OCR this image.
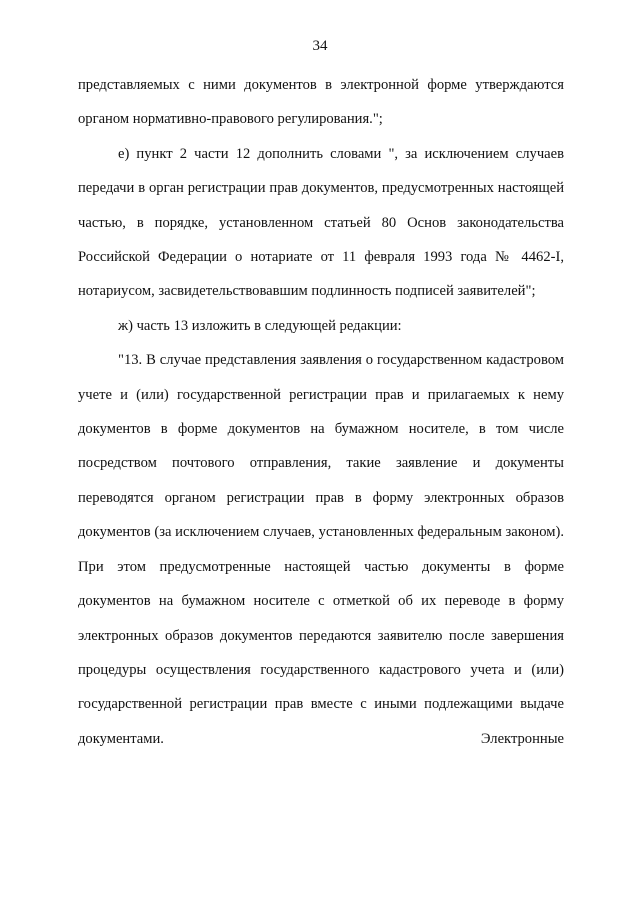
34

представляемых с ними документов в электронной форме утверждаются органом нормативно-правового регулирования.";

е) пункт 2 части 12 дополнить словами ", за исключением случаев передачи в орган регистрации прав документов, предусмотренных настоящей частью, в порядке, установленном статьей 80 Основ законодательства Российской Федерации о нотариате от 11 февраля 1993 года № 4462-I, нотариусом, засвидетельствовавшим подлинность подписей заявителей";

ж) часть 13 изложить в следующей редакции:

"13. В случае представления заявления о государственном кадастровом учете и (или) государственной регистрации прав и прилагаемых к нему документов в форме документов на бумажном носителе, в том числе посредством почтового отправления, такие заявление и документы переводятся органом регистрации прав в форму электронных образов документов (за исключением случаев, установленных федеральным законом). При этом предусмотренные настоящей частью документы в форме документов на бумажном носителе с отметкой об их переводе в форму электронных образов документов передаются заявителю после завершения процедуры осуществления государственного кадастрового учета и (или) государственной регистрации прав вместе с иными подлежащими выдаче документами. Электронные
